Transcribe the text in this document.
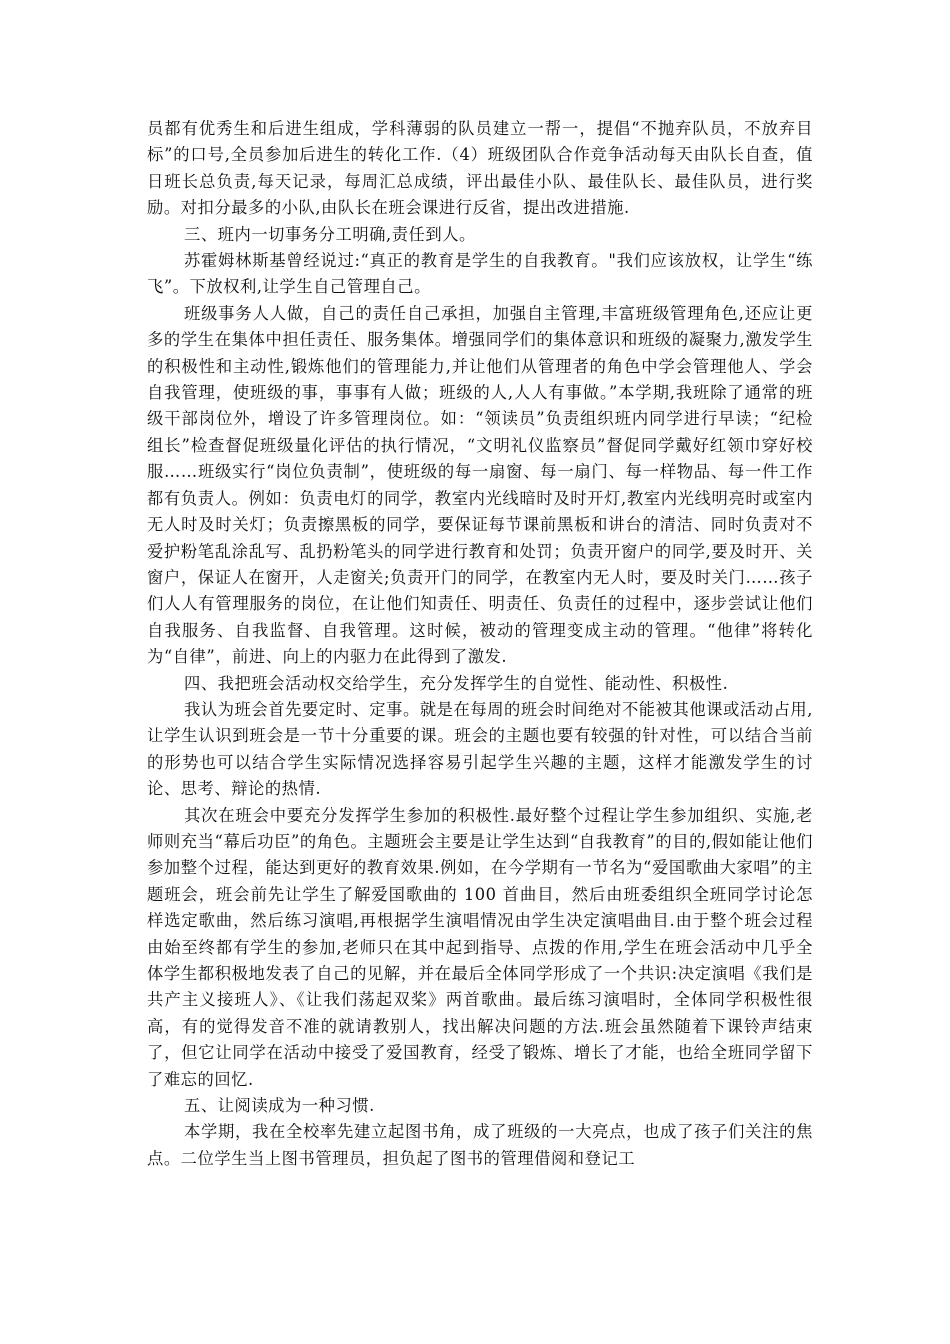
员都有优秀生和后进生组成，学科薄弱的队员建立一帮一，提倡“不抛弃队员，不放弃目标”的口号,全员参加后进生的转化工作.（4）班级团队合作竞争活动每天由队长自查，值日班长总负责,每天记录，每周汇总成绩，评出最佳小队、最佳队长、最佳队员，进行奖励。对扣分最多的小队,由队长在班会课进行反省，提出改进措施.

三、班内一切事务分工明确,责任到人。

苏霍姆林斯基曾经说过:“真正的教育是学生的自我教育。"我们应该放权，让学生“练飞”。下放权利,让学生自己管理自己。

班级事务人人做，自己的责任自己承担，加强自主管理,丰富班级管理角色,还应让更多的学生在集体中担任责任、服务集体。增强同学们的集体意识和班级的凝聚力,激发学生的积极性和主动性,锻炼他们的管理能力,并让他们从管理者的角色中学会管理他人、学会自我管理，使班级的事，事事有人做；班级的人,人人有事做。”本学期,我班除了通常的班级干部岗位外，增设了许多管理岗位。如：“领读员”负责组织班内同学进行早读；“纪检组长”检查督促班级量化评估的执行情况，“文明礼仪监察员”督促同学戴好红领巾穿好校服……班级实行“岗位负责制”，使班级的每一扇窗、每一扇门、每一样物品、每一件工作都有负责人。例如：负责电灯的同学，教室内光线暗时及时开灯,教室内光线明亮时或室内无人时及时关灯；负责擦黑板的同学，要保证每节课前黑板和讲台的清洁、同时负责对不爱护粉笔乱涂乱写、乱扔粉笔头的同学进行教育和处罚；负责开窗户的同学,要及时开、关窗户，保证人在窗开，人走窗关;负责开门的同学，在教室内无人时，要及时关门……孩子们人人有管理服务的岗位，在让他们知责任、明责任、负责任的过程中，逐步尝试让他们自我服务、自我监督、自我管理。这时候，被动的管理变成主动的管理。“他律”将转化为“自律”，前进、向上的内驱力在此得到了激发.

四、我把班会活动权交给学生，充分发挥学生的自觉性、能动性、积极性.

我认为班会首先要定时、定事。就是在每周的班会时间绝对不能被其他课或活动占用,让学生认识到班会是一节十分重要的课。班会的主题也要有较强的针对性，可以结合当前的形势也可以结合学生实际情况选择容易引起学生兴趣的主题，这样才能激发学生的讨论、思考、辩论的热情.

其次在班会中要充分发挥学生参加的积极性.最好整个过程让学生参加组织、实施,老师则充当“幕后功臣”的角色。主题班会主要是让学生达到“自我教育”的目的,假如能让他们参加整个过程，能达到更好的教育效果.例如，在今学期有一节名为“爱国歌曲大家唱”的主题班会，班会前先让学生了解爱国歌曲的 100 首曲目，然后由班委组织全班同学讨论怎样选定歌曲，然后练习演唱,再根据学生演唱情况由学生决定演唱曲目.由于整个班会过程由始至终都有学生的参加,老师只在其中起到指导、点拨的作用,学生在班会活动中几乎全体学生都积极地发表了自己的见解，并在最后全体同学形成了一个共识:决定演唱《我们是共产主义接班人》、《让我们荡起双桨》两首歌曲。最后练习演唱时，全体同学积极性很高，有的觉得发音不准的就请教别人，找出解决问题的方法.班会虽然随着下课铃声结束了，但它让同学在活动中接受了爱国教育，经受了锻炼、增长了才能，也给全班同学留下了难忘的回忆.

五、让阅读成为一种习惯.

本学期，我在全校率先建立起图书角，成了班级的一大亮点，也成了孩子们关注的焦点。二位学生当上图书管理员，担负起了图书的管理借阅和登记工
